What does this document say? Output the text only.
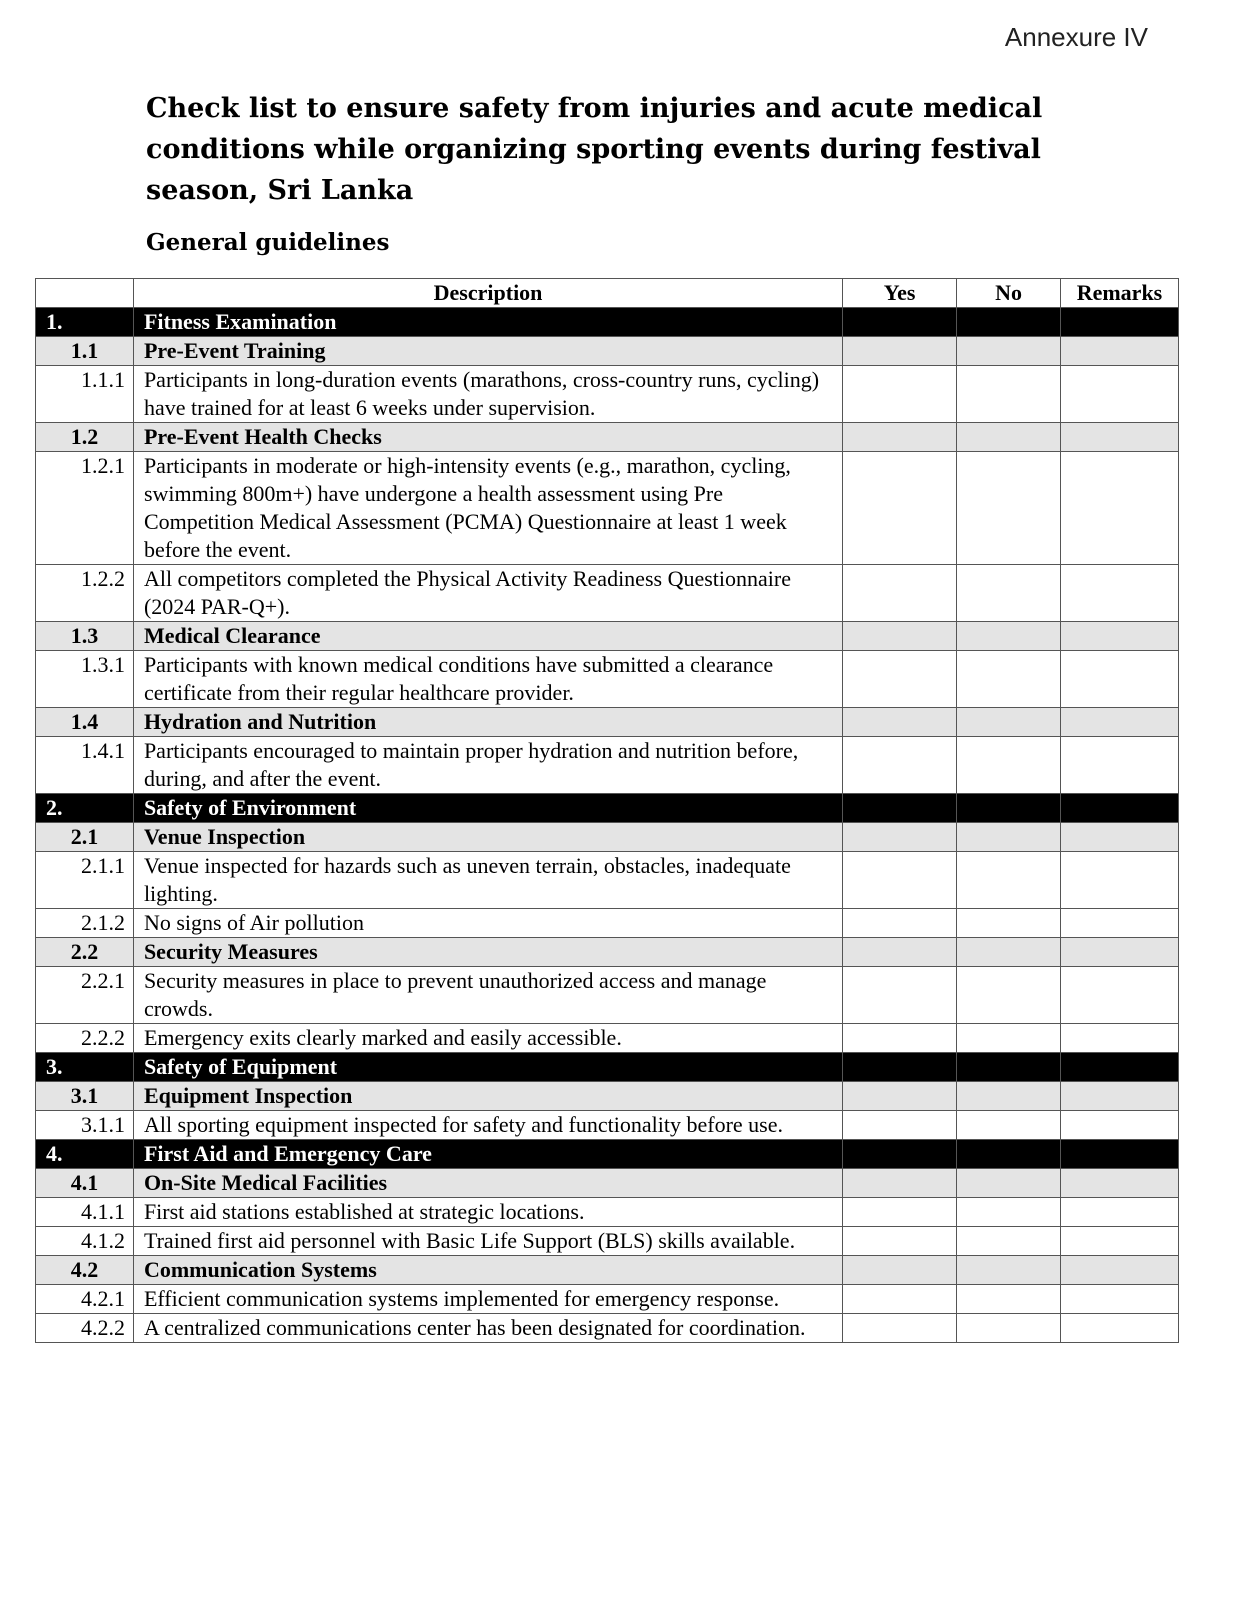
Annexure IV
Check list to ensure safety from injuries and acute medical conditions while organizing sporting events during festival season, Sri Lanka
General guidelines
	Description	Yes	No	Remarks
1.	Fitness Examination			
1.1	Pre-Event Training			
1.1.1	Participants in long-duration events (marathons, cross-country runs, cycling) have trained for at least 6 weeks under supervision.			
1.2	Pre-Event Health Checks			
1.2.1	Participants in moderate or high-intensity events (e.g., marathon, cycling, swimming 800m+) have undergone a health assessment using Pre Competition Medical Assessment (PCMA) Questionnaire at least 1 week before the event.			
1.2.2	All competitors completed the Physical Activity Readiness Questionnaire (2024 PAR-Q+).			
1.3	Medical Clearance			
1.3.1	Participants with known medical conditions have submitted a clearance certificate from their regular healthcare provider.			
1.4	Hydration and Nutrition			
1.4.1	Participants encouraged to maintain proper hydration and nutrition before, during, and after the event.			
2.	Safety of Environment			
2.1	Venue Inspection			
2.1.1	Venue inspected for hazards such as uneven terrain, obstacles, inadequate lighting.			
2.1.2	No signs of Air pollution			
2.2	Security Measures			
2.2.1	Security measures in place to prevent unauthorized access and manage crowds.			
2.2.2	Emergency exits clearly marked and easily accessible.			
3.	Safety of Equipment			
3.1	Equipment Inspection			
3.1.1	All sporting equipment inspected for safety and functionality before use.			
4.	First Aid and Emergency Care			
4.1	On-Site Medical Facilities			
4.1.1	First aid stations established at strategic locations.			
4.1.2	Trained first aid personnel with Basic Life Support (BLS) skills available.			
4.2	Communication Systems			
4.2.1	Efficient communication systems implemented for emergency response.			
4.2.2	A centralized communications center has been designated for coordination.			
